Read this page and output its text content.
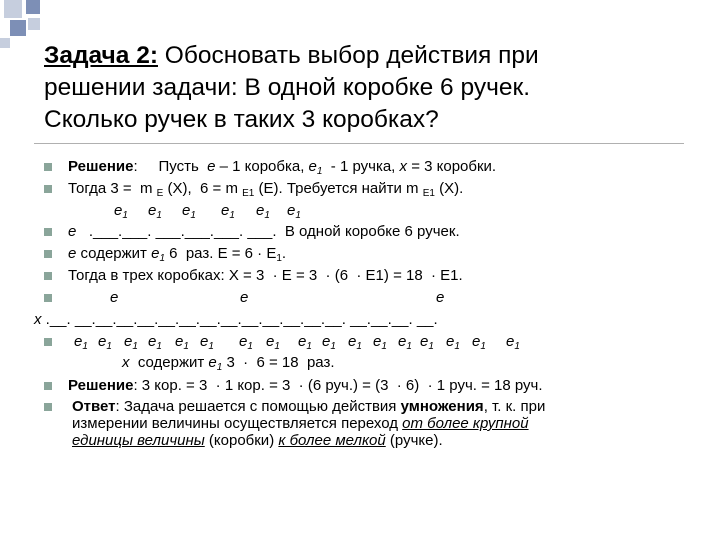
Задача 2: Обосновать выбор действия при
решении задачи: В одной коробке 6 ручек.
Сколько ручек в таких 3 коробках?
Решение:     Пусть  е – 1 коробка, $е_1 - 1$ ручка, х = 3 коробки.
Тогда 3 =  m $_E$ (X),  6 = m $_{E1}$ (E). Требуется найти m $_{E1}$ (X).
$е_1$ $е_1$ $е_1$ $е_1$ $е_1$ $е_1$
е   .___.___. ___.___.___. ___.  В одной коробке 6 ручек.
е содержит $е_1$ 6  раз. $Е = 6 \cdot Е_1$.
Тогда в трех коробках: Х = 3  · Е = 3  · (6  · Е1) = 18  · Е1.
е	е	е
х .__. __.__.__.__.__.__.__.__.__.__.__.__.__. __.__.__. __.
$е_1$ $е_1$ $е_1$ $е_1$ $е_1$ $е_1$ $е_1$ $е_1$ $е_1$ $е_1$ $е_1$ $е_1$ $е_1$ $е_1$ $е_1$ $е_1$ $е_1$
х  содержит $е_1$ 3  ·  6 = 18  раз.
Решение: 3 кор. = 3  · 1 кор. = 3  · (6 руч.) = (3  · 6)  · 1 руч. = 18 руч.
Ответ: Задача решается с помощью действия умножения, т. к. при
измерении величины осуществляется переход от более крупной
единицы величины (коробки) к более мелкой (ручке).
